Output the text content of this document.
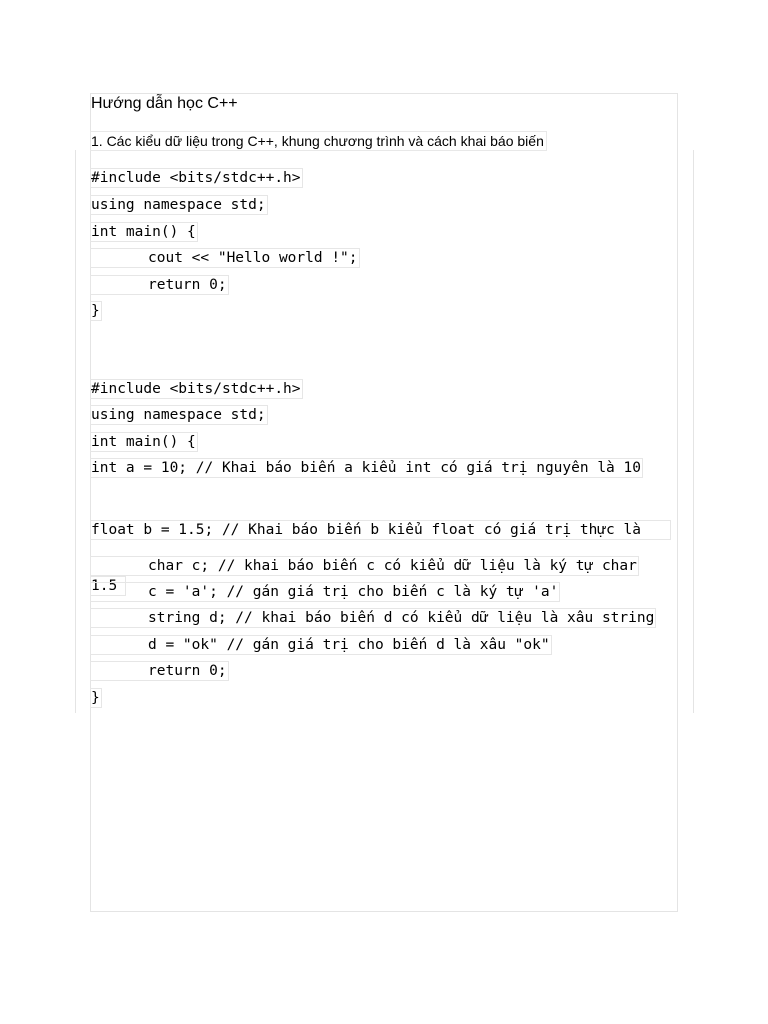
Hướng dẫn học C++
1. Các kiểu dữ liệu trong C++, khung chương trình và cách khai báo biến
#include <bits/stdc++.h>
using namespace std;
int main() {
cout << "Hello world !";
return 0;
}
#include <bits/stdc++.h>
using namespace std;
int main() {
int a = 10; // Khai báo biến a kiểu int có giá trị nguyên là 10

float b = 1.5; // Khai báo biến b kiểu float có giá trị thực là

1.5

char c; // khai báo biến c có kiểu dữ liệu là ký tự char
c = 'a'; // gán giá trị cho biến c là ký tự 'a'
string d; // khai báo biến d có kiểu dữ liệu là xâu string
d = "ok" // gán giá trị cho biến d là xâu "ok"
return 0;
}
